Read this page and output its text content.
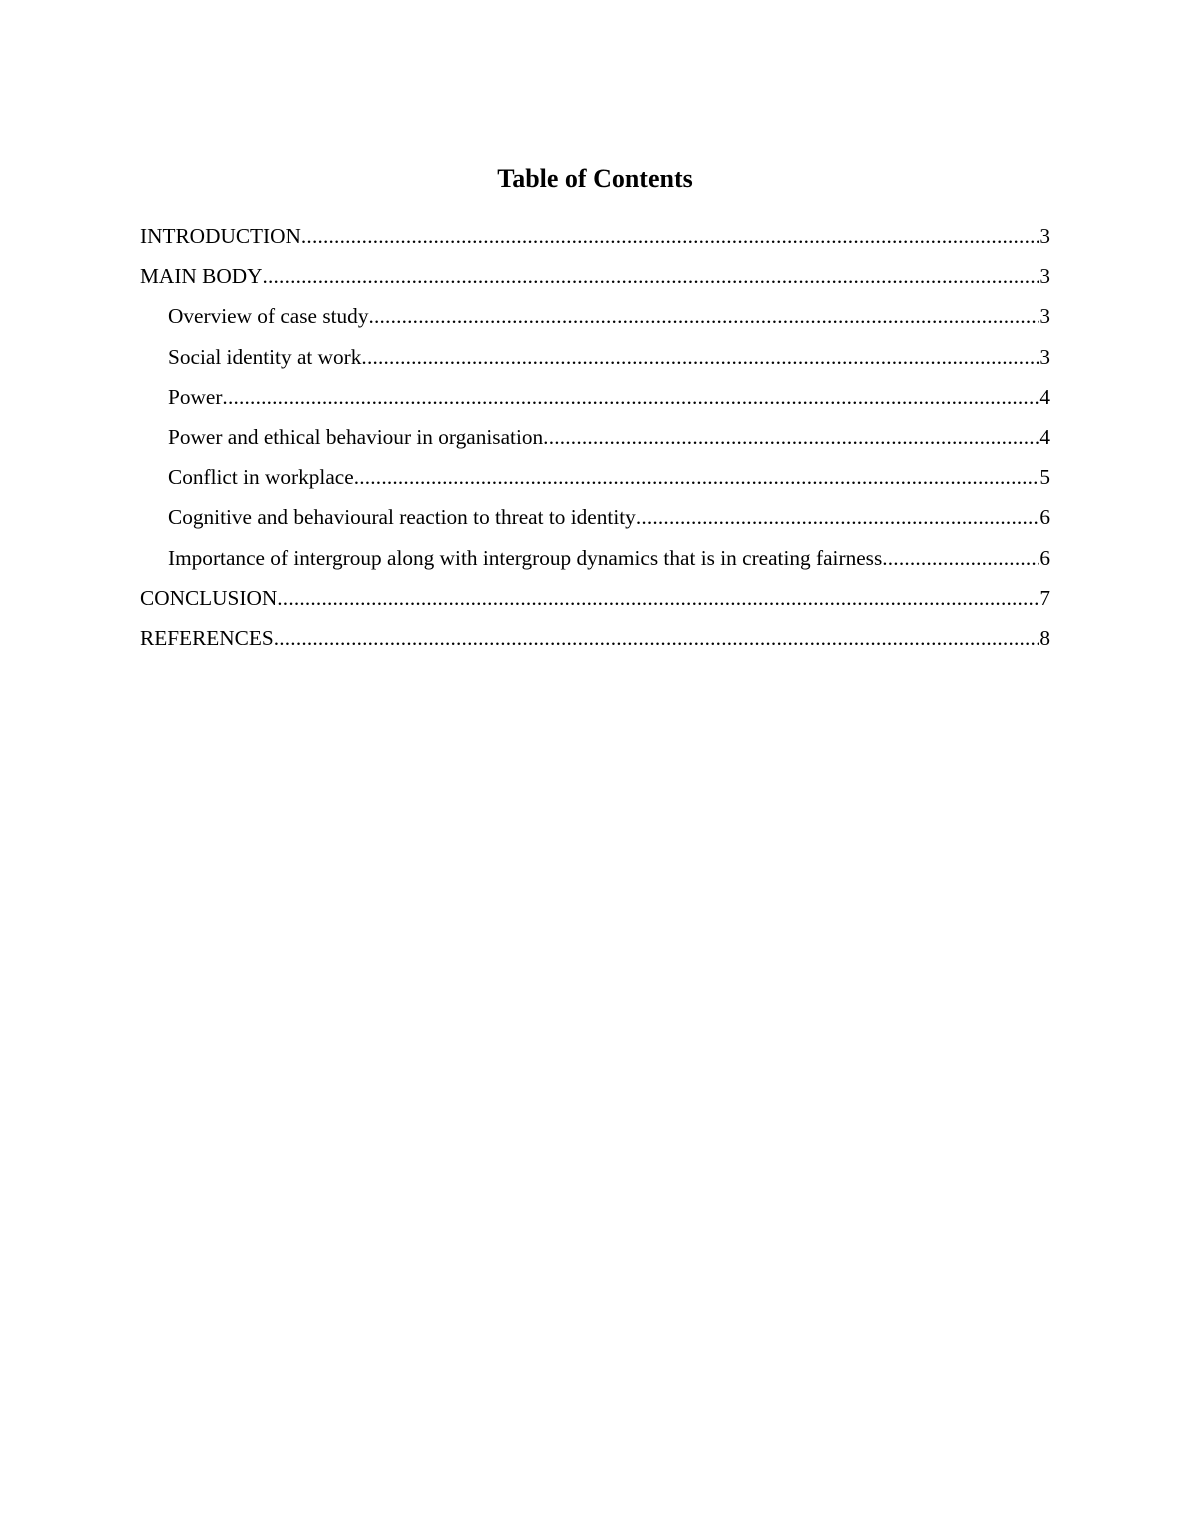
Table of Contents
INTRODUCTION .....	3
MAIN BODY .....	3
Overview of case study .....	3
Social identity at work .....	3
Power .....	4
Power and ethical behaviour in organisation .....	4
Conflict in workplace .....	5
Cognitive and behavioural reaction to threat to identity .....	6
Importance of intergroup along with intergroup dynamics that is in creating fairness .....	6
CONCLUSION .....	7
REFERENCES .....	8
